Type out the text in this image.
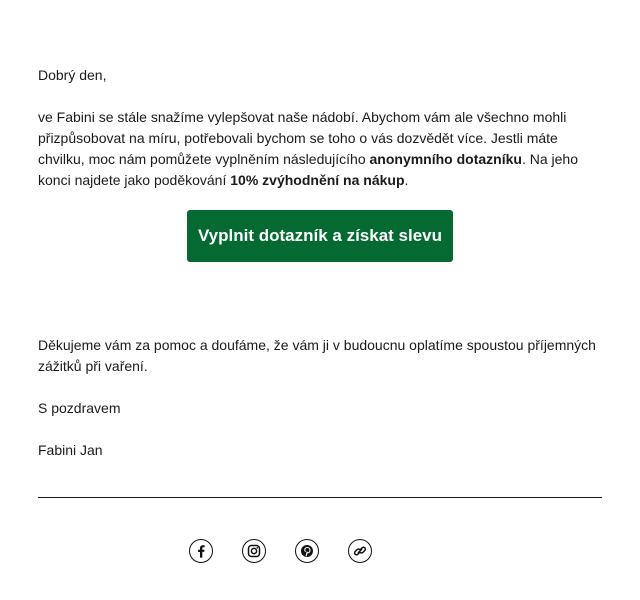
Dobrý den,

ve Fabini se stále snažíme vylepšovat naše nádobí. Abychom vám ale všechno mohli přizpůsobovat na míru, potřebovali bychom se toho o vás dozvědět více. Jestli máte chvilku, moc nám pomůžete vyplněním následujícího anonymního dotazníku. Na jeho konci najdete jako poděkování 10% zvýhodnění na nákup.

Vyplnit dotazník a získat slevu

Děkujeme vám za pomoc a doufáme, že vám ji v budoucnu oplatíme spoustou příjemných zážitků při vaření.

S pozdravem

Fabini Jan
